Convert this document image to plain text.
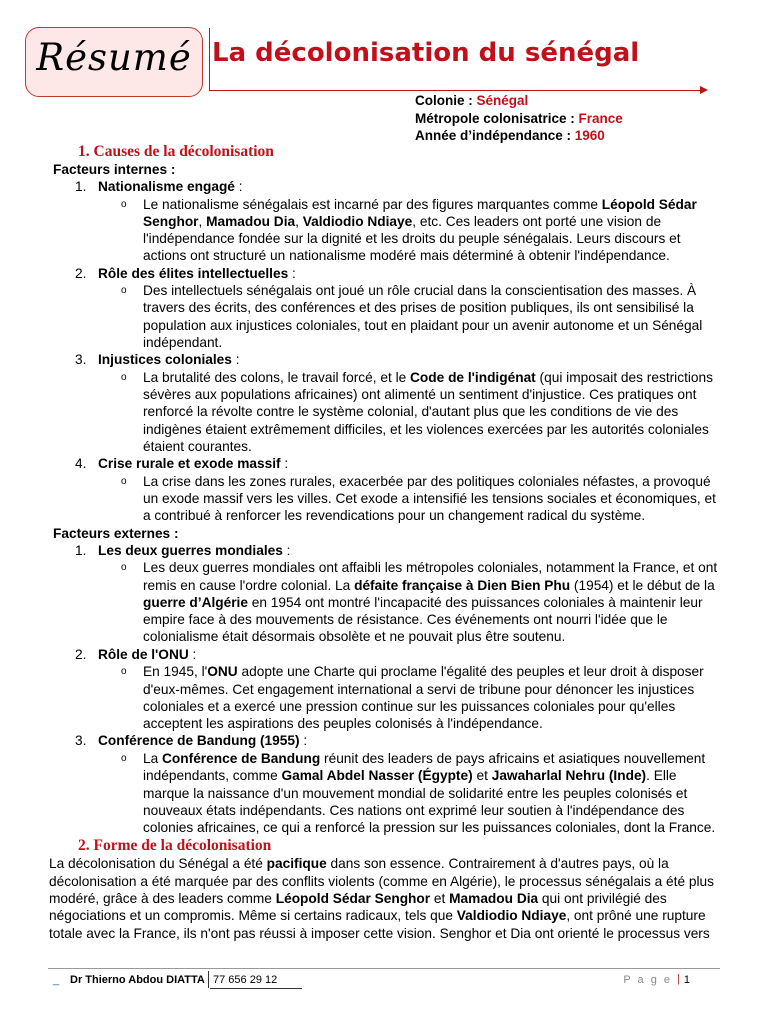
Résumé La décolonisation du sénégal
Colonie : Sénégal
Métropole colonisatrice : France
Année d’indépendance : 1960
1. Causes de la décolonisation
Facteurs internes :
1. Nationalisme engagé :
o Le nationalisme sénégalais est incarné par des figures marquantes comme Léopold Sédar Senghor, Mamadou Dia, Valdiodio Ndiaye, etc. Ces leaders ont porté une vision de l'indépendance fondée sur la dignité et les droits du peuple sénégalais. Leurs discours et actions ont structuré un nationalisme modéré mais déterminé à obtenir l'indépendance.
2. Rôle des élites intellectuelles :
o Des intellectuels sénégalais ont joué un rôle crucial dans la conscientisation des masses. À travers des écrits, des conférences et des prises de position publiques, ils ont sensibilisé la population aux injustices coloniales, tout en plaidant pour un avenir autonome et un Sénégal indépendant.
3. Injustices coloniales :
o La brutalité des colons, le travail forcé, et le Code de l'indigénat (qui imposait des restrictions sévères aux populations africaines) ont alimenté un sentiment d'injustice. Ces pratiques ont renforcé la révolte contre le système colonial, d'autant plus que les conditions de vie des indigènes étaient extrêmement difficiles, et les violences exercées par les autorités coloniales étaient courantes.
4. Crise rurale et exode massif :
o La crise dans les zones rurales, exacerbée par des politiques coloniales néfastes, a provoqué un exode massif vers les villes. Cet exode a intensifié les tensions sociales et économiques, et a contribué à renforcer les revendications pour un changement radical du système.
Facteurs externes :
1. Les deux guerres mondiales :
o Les deux guerres mondiales ont affaibli les métropoles coloniales, notamment la France, et ont remis en cause l'ordre colonial. La défaite française à Dien Bien Phu (1954) et le début de la guerre d’Algérie en 1954 ont montré l'incapacité des puissances coloniales à maintenir leur empire face à des mouvements de résistance. Ces événements ont nourri l'idée que le colonialisme était désormais obsolète et ne pouvait plus être soutenu.
2. Rôle de l'ONU :
o En 1945, l'ONU adopte une Charte qui proclame l'égalité des peuples et leur droit à disposer d'eux-mêmes. Cet engagement international a servi de tribune pour dénoncer les injustices coloniales et a exercé une pression continue sur les puissances coloniales pour qu'elles acceptent les aspirations des peuples colonisés à l'indépendance.
3. Conférence de Bandung (1955) :
o La Conférence de Bandung réunit des leaders de pays africains et asiatiques nouvellement indépendants, comme Gamal Abdel Nasser (Égypte) et Jawaharlal Nehru (Inde). Elle marque la naissance d'un mouvement mondial de solidarité entre les peuples colonisés et nouveaux états indépendants. Ces nations ont exprimé leur soutien à l'indépendance des colonies africaines, ce qui a renforcé la pression sur les puissances coloniales, dont la France.
2. Forme de la décolonisation
La décolonisation du Sénégal a été pacifique dans son essence. Contrairement à d'autres pays, où la décolonisation a été marquée par des conflits violents (comme en Algérie), le processus sénégalais a été plus modéré, grâce à des leaders comme Léopold Sédar Senghor et Mamadou Dia qui ont privilégié des négociations et un compromis. Même si certains radicaux, tels que Valdiodio Ndiaye, ont prôné une rupture totale avec la France, ils n'ont pas réussi à imposer cette vision. Senghor et Dia ont orienté le processus vers
_ Dr Thierno Abdou DIATTA 77 656 29 12	P a g e | 1
